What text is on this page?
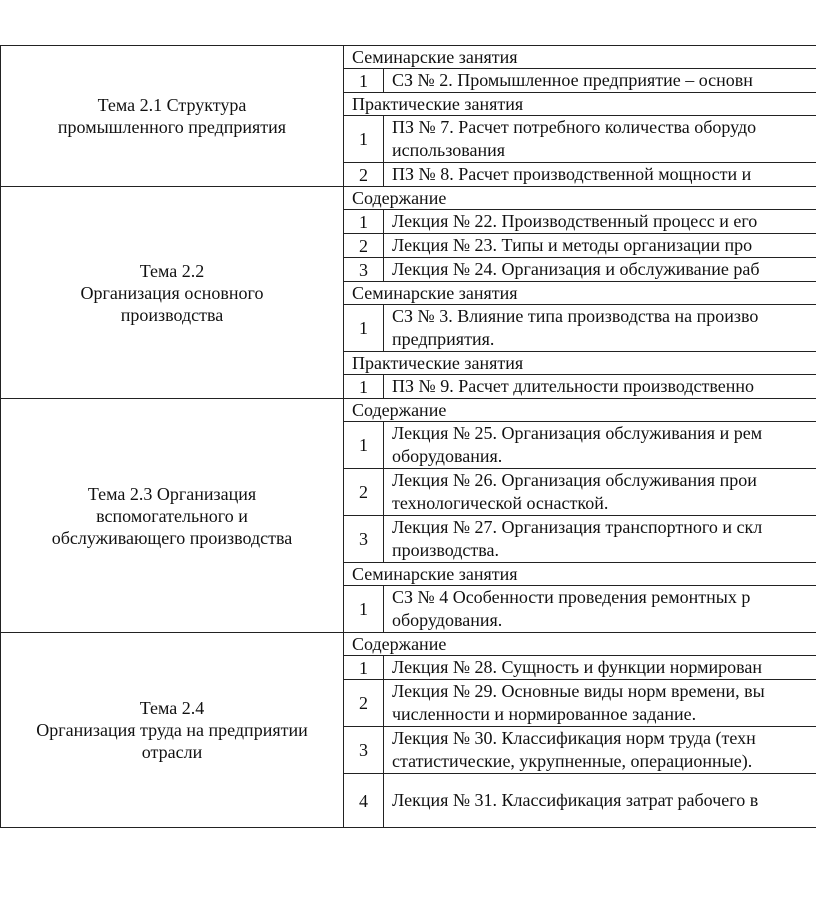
Тема 2.1 Структура
промышленного предприятия	Семинарские занятия	
	1	СЗ № 2. Промышленное предприятие – основн

	Практические занятия	
	1	ПЗ № 7. Расчет потребного количества оборудо
использования

	2	ПЗ № 8. Расчет производственной мощности и

Тема 2.2
Организация основного
производства	Содержание	
	1	Лекция № 22. Производственный процесс и его

	2	Лекция № 23. Типы и методы организации про

	3	Лекция № 24. Организация и обслуживание раб

	Семинарские занятия	
	1	СЗ № 3. Влияние типа производства на произво
предприятия.

	Практические занятия	
	1	ПЗ № 9. Расчет длительности производственно

Тема 2.3 Организация
вспомогательного и
обслуживающего производства	Содержание	
	1	Лекция № 25. Организация обслуживания и рем
оборудования.

	2	Лекция № 26. Организация обслуживания прои
технологической оснасткой.

	3	Лекция № 27. Организация транспортного и скл
производства.

	Семинарские занятия	
	1	СЗ № 4 Особенности проведения ремонтных р
оборудования.

Тема 2.4
Организация труда на предприятии
отрасли	Содержание	
	1	Лекция № 28. Сущность и функции нормирован

	2	Лекция № 29. Основные виды норм времени, вы
численности и нормированное задание.

	3	Лекция № 30. Классификация норм труда (техн
статистические, укрупненные, операционные).

	4	Лекция № 31. Классификация затрат рабочего в
